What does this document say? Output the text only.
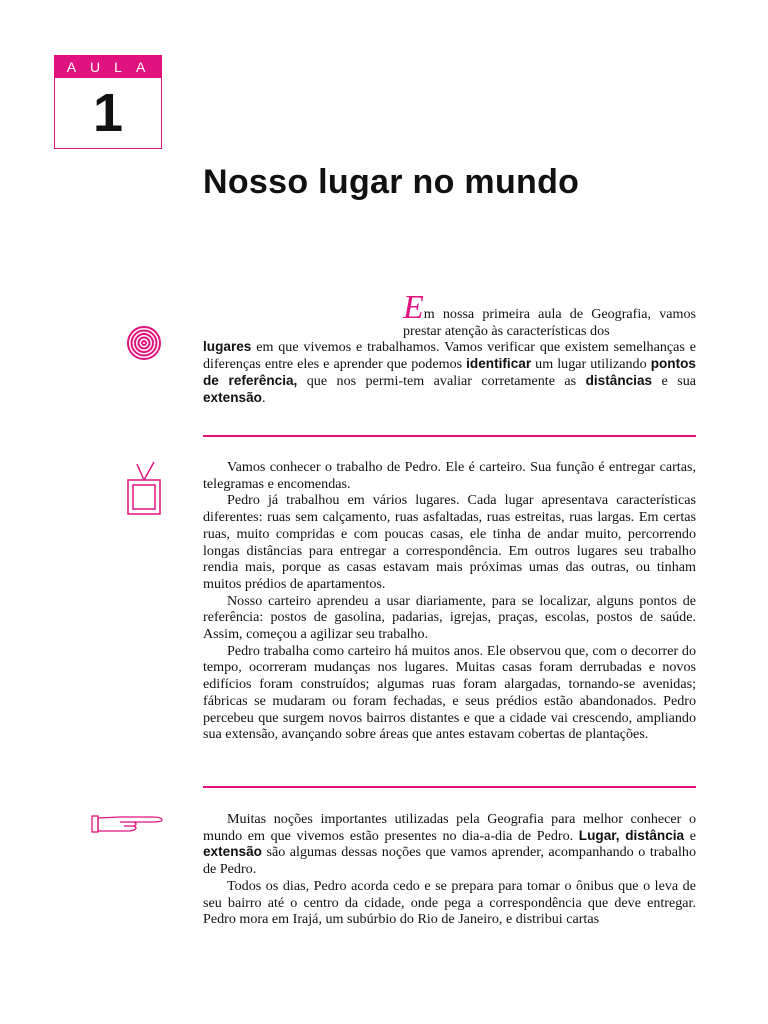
AULA
1
Nosso lugar no mundo

Em nossa primeira aula de Geografia, vamos prestar atenção às características dos

lugares em que vivemos e trabalhamos. Vamos verificar que existem semelhanças e diferenças entre eles e aprender que podemos identificar um lugar utilizando pontos de referência, que nos permi-tem avaliar corretamente as distâncias e sua extensão.

Vamos conhecer o trabalho de Pedro. Ele é carteiro. Sua função é entregar cartas, telegramas e encomendas.

Pedro já trabalhou em vários lugares. Cada lugar apresentava características diferentes: ruas sem calçamento, ruas asfaltadas, ruas estreitas, ruas largas. Em certas ruas, muito compridas e com poucas casas, ele tinha de andar muito, percorrendo longas distâncias para entregar a correspondência. Em outros lugares seu trabalho rendia mais, porque as casas estavam mais próximas umas das outras, ou tinham muitos prédios de apartamentos.

Nosso carteiro aprendeu a usar diariamente, para se localizar, alguns pontos de referência: postos de gasolina, padarias, igrejas, praças, escolas, postos de saúde. Assim, começou a agilizar seu trabalho.

Pedro trabalha como carteiro há muitos anos. Ele observou que, com o decorrer do tempo, ocorreram mudanças nos lugares. Muitas casas foram derrubadas e novos edifícios foram construídos; algumas ruas foram alargadas, tornando-se avenidas; fábricas se mudaram ou foram fechadas, e seus prédios estão abandonados. Pedro percebeu que surgem novos bairros distantes e que a cidade vai crescendo, ampliando sua extensão, avançando sobre áreas que antes estavam cobertas de plantações.

Muitas noções importantes utilizadas pela Geografia para melhor conhecer o mundo em que vivemos estão presentes no dia-a-dia de Pedro. Lugar, distância e extensão são algumas dessas noções que vamos aprender, acompanhando o trabalho de Pedro.

Todos os dias, Pedro acorda cedo e se prepara para tomar o ônibus que o leva de seu bairro até o centro da cidade, onde pega a correspondência que deve entregar. Pedro mora em Irajá, um subúrbio do Rio de Janeiro, e distribui cartas
